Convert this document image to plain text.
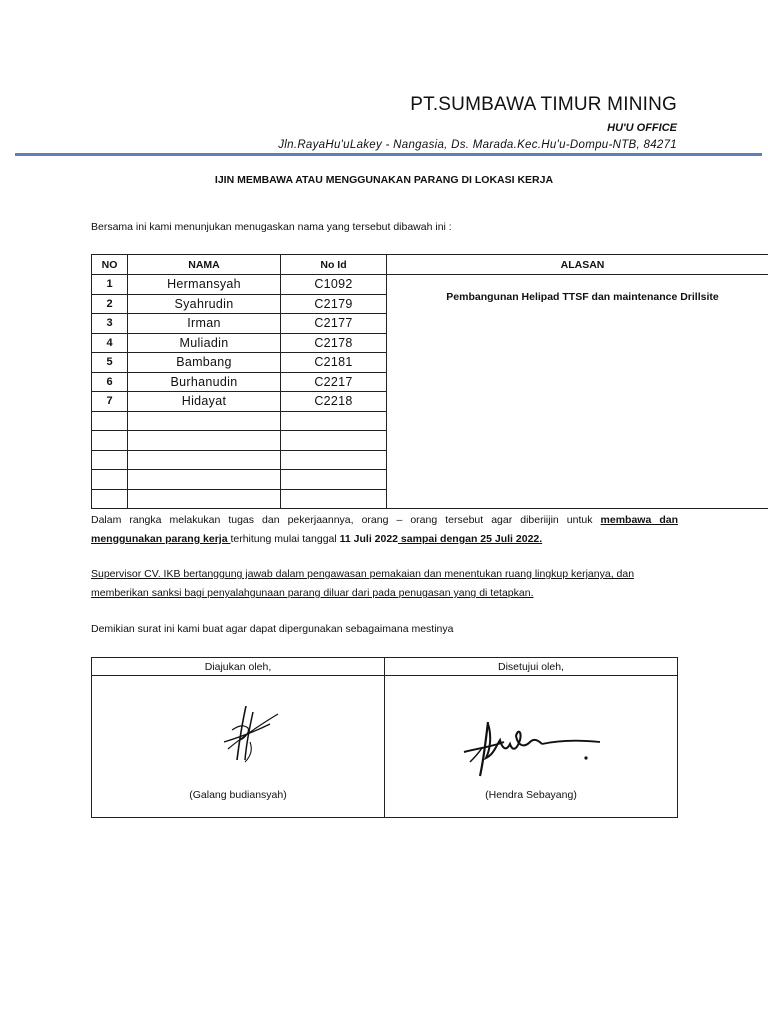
PT.SUMBAWA TIMUR MINING
HU'U OFFICE
Jln.RayaHu'uLakey - Nangasia, Ds. Marada.Kec.Hu'u-Dompu-NTB, 84271
IJIN MEMBAWA ATAU MENGGUNAKAN PARANG DI LOKASI KERJA
Bersama ini kami menunjukan menugaskan nama yang tersebut dibawah ini :
NO	NAMA	No Id	ALASAN
1	Hermansyah	C1092	Pembangunan Helipad TTSF dan maintenance Drillsite
2	Syahrudin	C2179	
3	Irman	C2177	
4	Muliadin	C2178	
5	Bambang	C2181	
6	Burhanudin	C2217	
7	Hidayat	C2218	

Dalam rangka melakukan tugas dan pekerjaannya, orang – orang tersebut agar diberiijin untuk membawa dan menggunakan parang kerja terhitung mulai tanggal 11 Juli 2022 sampai dengan 25 Juli 2022.
Supervisor CV. IKB bertanggung jawab dalam pengawasan pemakaian dan menentukan ruang lingkup kerjanya, dan memberikan sanksi bagi penyalahgunaan parang diluar dari pada penugasan yang di tetapkan.
Demikian surat ini kami buat agar dapat dipergunakan sebagaimana mestinya
Diajukan oleh,	Disetujui oleh,

(Galang budiansyah)	(Hendra Sebayang)
